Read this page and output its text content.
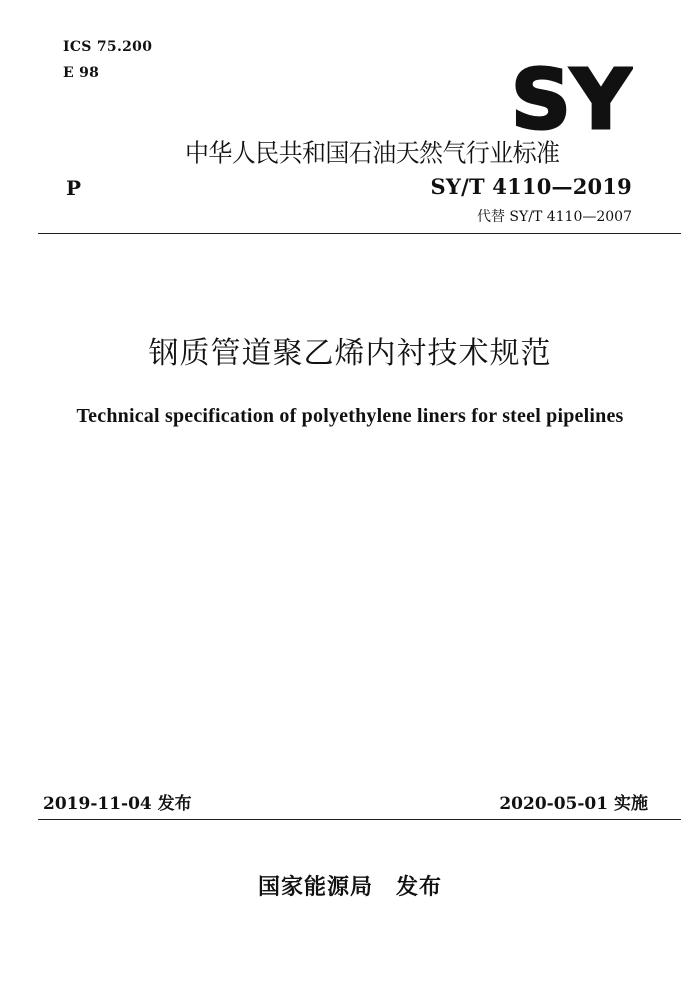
ICS 75.200
E 98	SY
中华人民共和国石油天然气行业标准
P	SY/T 4110—2019
代替 SY/T 4110—2007
钢质管道聚乙烯内衬技术规范
Technical specification of polyethylene liners for steel pipelines
2019-11-04 发布	2020-05-01 实施
国家能源局　发布
